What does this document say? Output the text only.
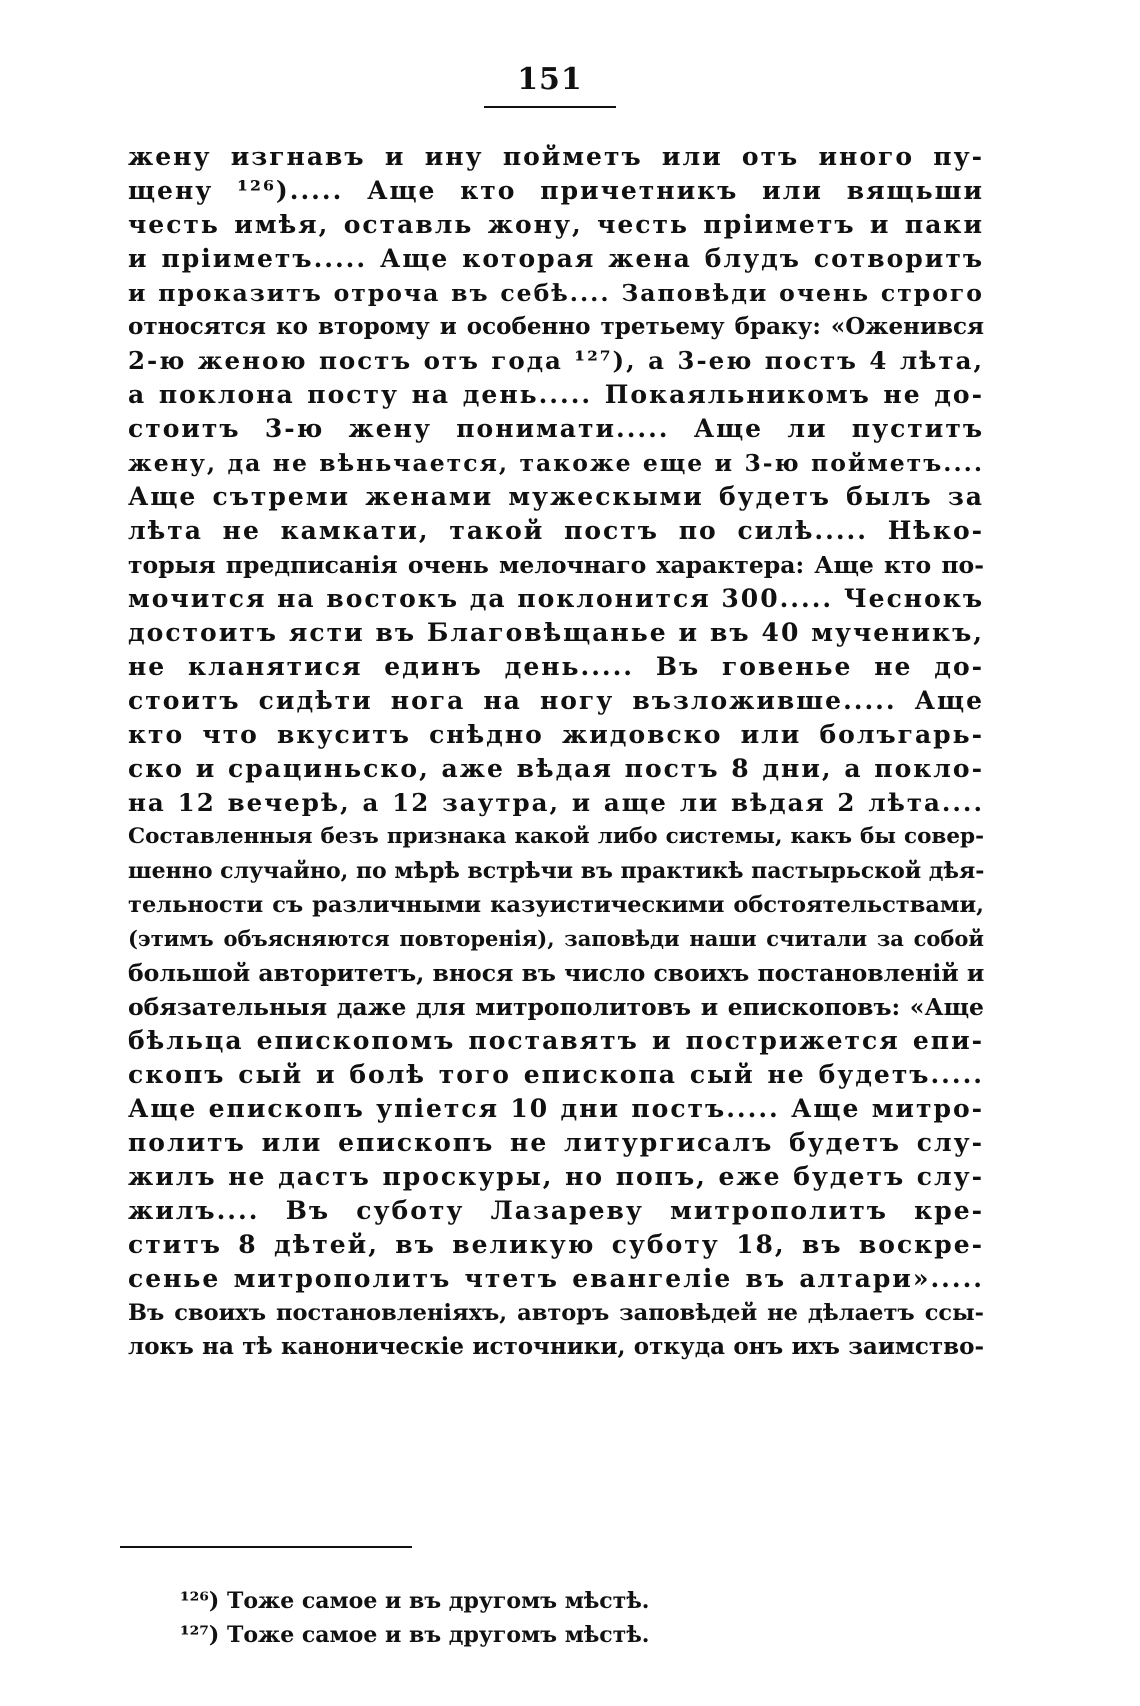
151
жену изгнавъ и ину пойметъ или отъ иного пу-
щену ¹²⁶)..... Аще кто причетникъ или вящьши
честь имѣя, оставль жону, честь пріиметъ и паки
и пріиметъ..... Аще которая жена блудъ сотворитъ
и проказитъ отроча въ себѣ.... Заповѣди очень строго
относятся ко второму и особенно третьему браку: «Оженився
2-ю женою постъ отъ года ¹²⁷), а 3-ею постъ 4 лѣта,
а поклона посту на день..... Покаяльникомъ не до-
стоитъ 3-ю жену понимати..... Аще ли пуститъ
жену, да не вѣньчается, такоже еще и 3-ю пойметъ....
Аще сътреми женами мужескыми будетъ былъ за
лѣта не камкати, такой постъ по силѣ..... Нѣко-
торыя предписанія очень мелочнаго характера: Аще кто по-
мочится на востокъ да поклонится 300..... Чеснокъ
достоитъ ясти въ Благовѣщанье и въ 40 мученикъ,
не кланятися единъ день..... Въ говенье не до-
стоитъ сидѣти нога на ногу възложивше..... Аще
кто что вкуситъ снѣдно жидовско или болъгарь-
ско и срациньско, аже вѣдая постъ 8 дни, а покло-
на 12 вечерѣ, а 12 заутра, и аще ли вѣдая 2 лѣта....
Составленныя безъ признака какой либо системы, какъ бы совер-
шенно случайно, по мѣрѣ встрѣчи въ практикѣ пастырьской дѣя-
тельности съ различными казуистическими обстоятельствами,
(этимъ объясняются повторенія), заповѣди наши считали за собой
большой авторитетъ, внося въ число своихъ постановленій и
обязательныя даже для митрополитовъ и епископовъ: «Аще
бѣльца епископомъ поставятъ и пострижется епи-
скопъ сый и болѣ того епископа сый не будетъ.....
Аще епископъ упіется 10 дни постъ..... Аще митро-
политъ или епископъ не литургисалъ будетъ слу-
жилъ не дастъ проскуры, но попъ, еже будетъ слу-
жилъ.... Въ суботу Лазареву митрополитъ кре-
ститъ 8 дѣтей, въ великую суботу 18, въ воскре-
сенье митрополитъ чтетъ евангеліе въ алтари».....
Въ своихъ постановленіяхъ, авторъ заповѣдей не дѣлаетъ ссы-
локъ на тѣ каноническіе источники, откуда онъ ихъ заимство-
¹²⁶) Тоже самое и въ другомъ мѣстѣ.
¹²⁷) Тоже самое и въ другомъ мѣстѣ.
